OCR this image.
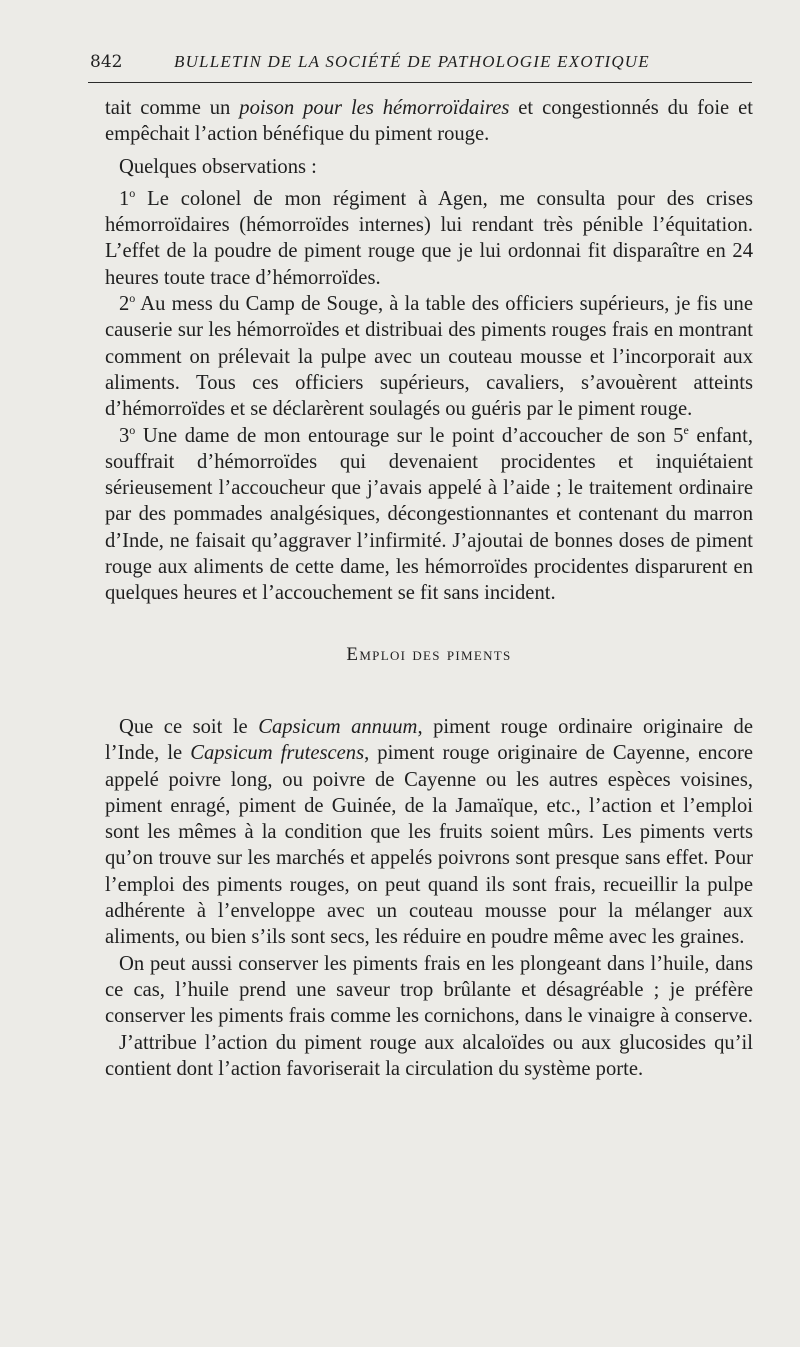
842	BULLETIN DE LA SOCIÉTÉ DE PATHOLOGIE EXOTIQUE

tait comme un poison pour les hémorroïdaires et congestionnés du foie et empêchait l’action bénéfique du piment rouge.

Quelques observations :

1$^o$ Le colonel de mon régiment à Agen, me consulta pour des crises hémorroïdaires (hémorroïdes internes) lui rendant très pénible l’équitation. L’effet de la poudre de piment rouge que je lui ordonnai fit disparaître en 24 heures toute trace d’hémorroïdes.

2$^o$ Au mess du Camp de Souge, à la table des officiers supérieurs, je fis une causerie sur les hémorroïdes et distribuai des piments rouges frais en montrant comment on prélevait la pulpe avec un couteau mousse et l’incorporait aux aliments. Tous ces officiers supérieurs, cavaliers, s’avouèrent atteints d’hémorroïdes et se déclarèrent soulagés ou guéris par le piment rouge.

3$^o$ Une dame de mon entourage sur le point d’accoucher de son 5e enfant, souffrait d’hémorroïdes qui devenaient procidentes et inquiétaient sérieusement l’accoucheur que j’avais appelé à l’aide ; le traitement ordinaire par des pommades analgésiques, décongestionnantes et contenant du marron d’Inde, ne faisait qu’aggraver l’infirmité. J’ajoutai de bonnes doses de piment rouge aux aliments de cette dame, les hémorroïdes procidentes disparurent en quelques heures et l’accouchement se fit sans incident.

Emploi des piments

Que ce soit le Capsicum annuum, piment rouge ordinaire originaire de l’Inde, le Capsicum frutescens, piment rouge originaire de Cayenne, encore appelé poivre long, ou poivre de Cayenne ou les autres espèces voisines, piment enragé, piment de Guinée, de la Jamaïque, etc., l’action et l’emploi sont les mêmes à la condition que les fruits soient mûrs. Les piments verts qu’on trouve sur les marchés et appelés poivrons sont presque sans effet. Pour l’emploi des piments rouges, on peut quand ils sont frais, recueillir la pulpe adhérente à l’enveloppe avec un couteau mousse pour la mélanger aux aliments, ou bien s’ils sont secs, les réduire en poudre même avec les graines.

On peut aussi conserver les piments frais en les plongeant dans l’huile, dans ce cas, l’huile prend une saveur trop brûlante et désagréable ; je préfère conserver les piments frais comme les cornichons, dans le vinaigre à conserve.

J’attribue l’action du piment rouge aux alcaloïdes ou aux glucosides qu’il contient dont l’action favoriserait la circulation du système porte.
